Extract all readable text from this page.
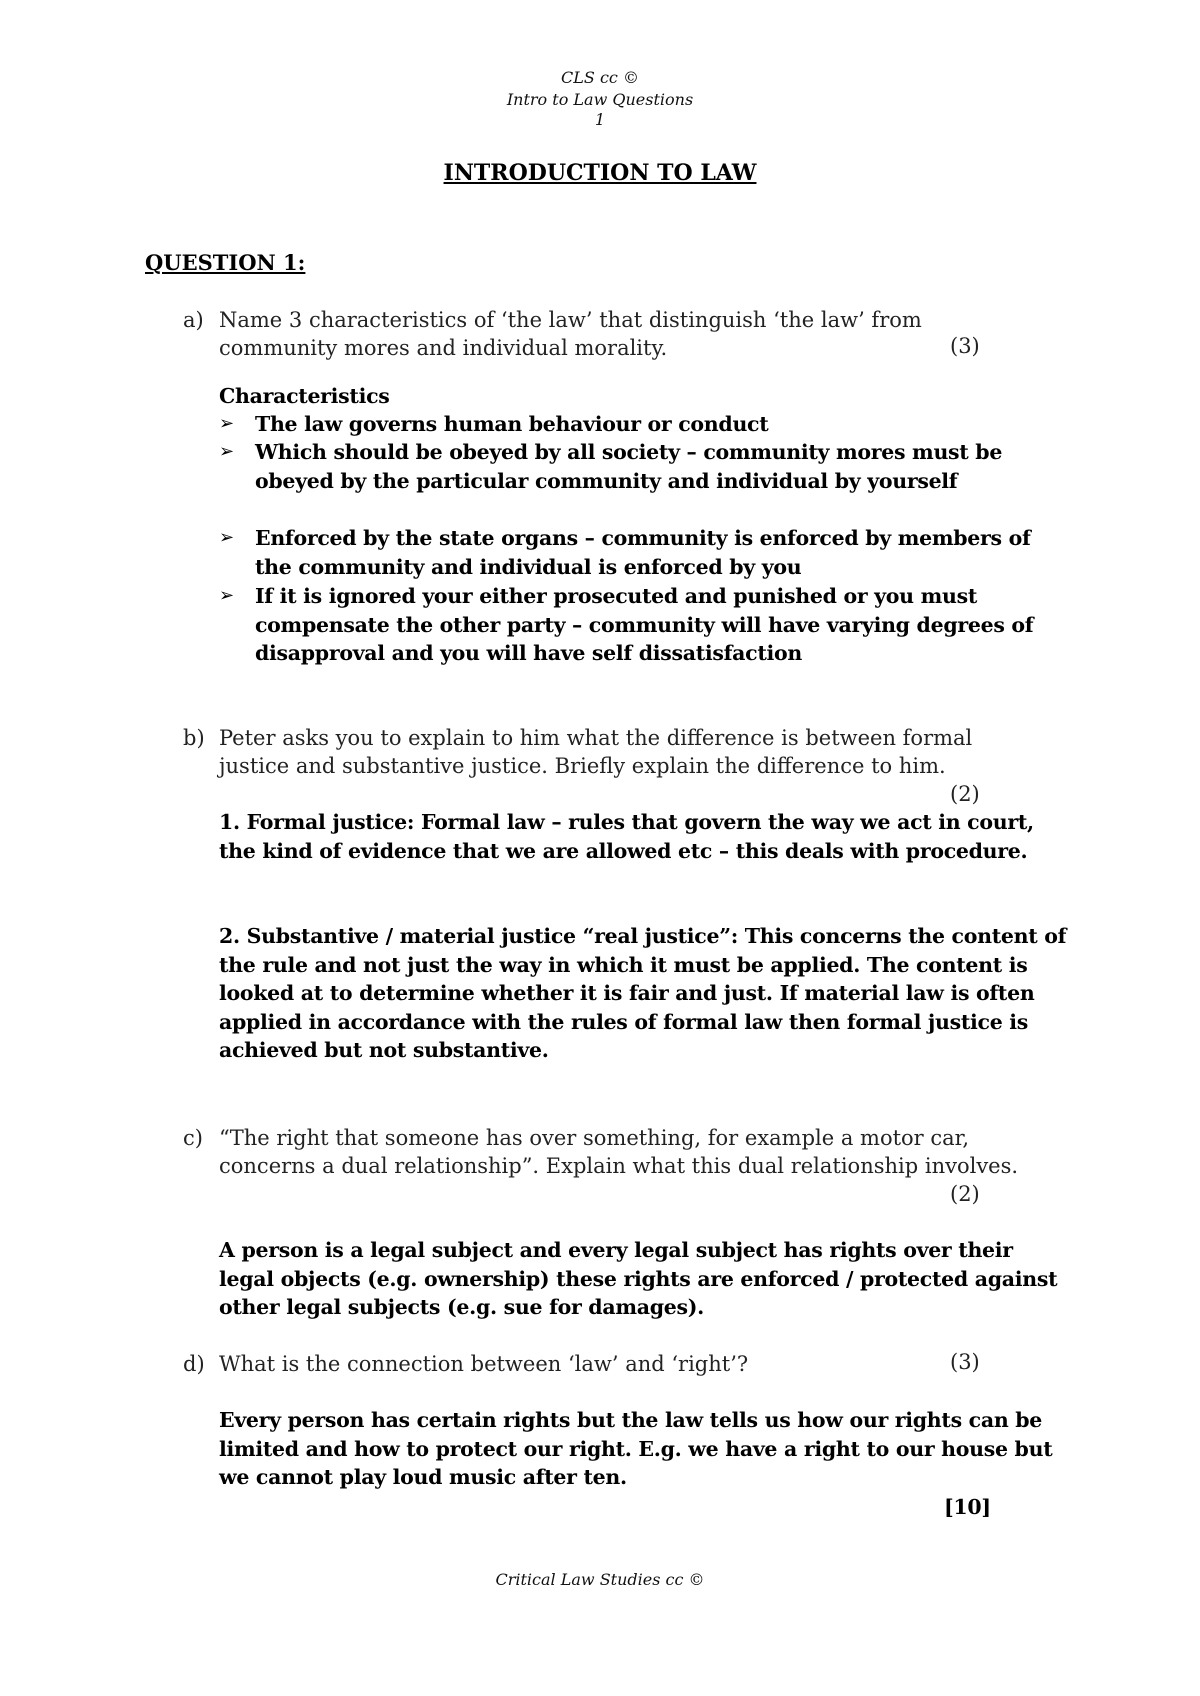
CLS cc ©
Intro to Law Questions
1
INTRODUCTION TO LAW
QUESTION 1:
a) Name 3 characteristics of ‘the law’ that distinguish ‘the law’ from community mores and individual morality.	(3)
Characteristics
➢ The law governs human behaviour or conduct
➢ Which should be obeyed by all society – community mores must be obeyed by the particular community and individual by yourself
➢ Enforced by the state organs – community is enforced by members of the community and individual is enforced by you
➢ If it is ignored your either prosecuted and punished or you must compensate the other party – community will have varying degrees of disapproval and you will have self dissatisfaction
b) Peter asks you to explain to him what the difference is between formal justice and substantive justice. Briefly explain the difference to him.
(2)
1. Formal justice: Formal law – rules that govern the way we act in court, the kind of evidence that we are allowed etc – this deals with procedure.
2. Substantive / material justice “real justice”: This concerns the content of the rule and not just the way in which it must be applied. The content is looked at to determine whether it is fair and just. If material law is often applied in accordance with the rules of formal law then formal justice is achieved but not substantive.
c) “The right that someone has over something, for example a motor car, concerns a dual relationship”. Explain what this dual relationship involves.
(2)
A person is a legal subject and every legal subject has rights over their legal objects (e.g. ownership) these rights are enforced / protected against other legal subjects (e.g. sue for damages).
d) What is the connection between ‘law’ and ‘right’?	(3)
Every person has certain rights but the law tells us how our rights can be limited and how to protect our right. E.g. we have a right to our house but we cannot play loud music after ten.
[10]
Critical Law Studies cc ©
